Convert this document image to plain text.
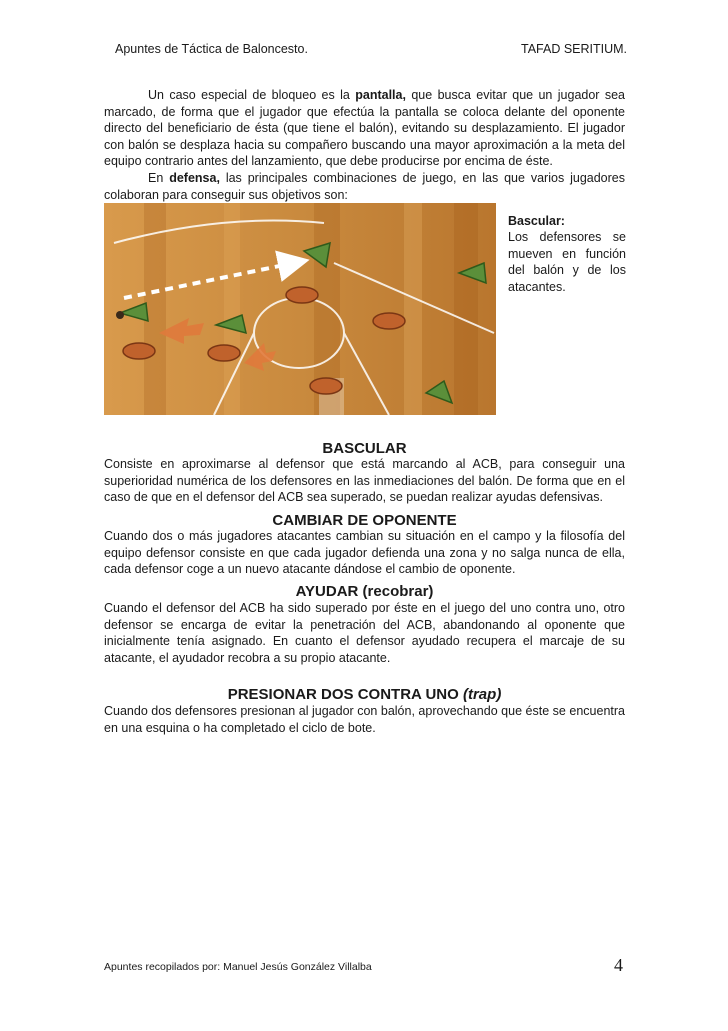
Apuntes de Táctica de Baloncesto.	TAFAD SERITIUM.

Un caso especial de bloqueo es la pantalla, que busca evitar que un jugador sea marcado, de forma que el jugador que efectúa la pantalla se coloca delante del oponente directo del beneficiario de ésta (que tiene el balón), evitando su desplazamiento. El jugador con balón se desplaza hacia su compañero buscando una mayor aproximación a la meta del equipo contrario antes del lanzamiento, que debe producirse por encima de éste.

En defensa, las principales combinaciones de juego, en las que varios jugadores colaboran para conseguir sus objetivos son:

Bascular:
Los defensores se mueven en función del balón y de los atacantes.
BASCULAR

Consiste en aproximarse al defensor que está marcando al ACB, para conseguir una superioridad numérica de los defensores en las inmediaciones del balón. De forma que en el caso de que en el defensor del ACB sea superado, se puedan realizar ayudas defensivas.

CAMBIAR DE OPONENTE

Cuando dos o más jugadores atacantes cambian su situación en el campo y la filosofía del equipo defensor consiste en que cada jugador defienda una zona y no salga nunca de ella, cada defensor coge a un nuevo atacante dándose el cambio de oponente.

AYUDAR (recobrar)

Cuando el defensor del ACB ha sido superado por éste en el juego del uno contra uno, otro defensor se encarga de evitar la penetración del ACB, abandonando al oponente que inicialmente tenía asignado. En cuanto el defensor ayudado recupera el marcaje de su atacante, el ayudador recobra a su propio atacante.

PRESIONAR DOS CONTRA UNO (trap)

Cuando dos defensores presionan al jugador con balón, aprovechando que éste se encuentra en una esquina o ha completado el ciclo de bote.

Apuntes recopilados por: Manuel Jesús González Villalba	4
